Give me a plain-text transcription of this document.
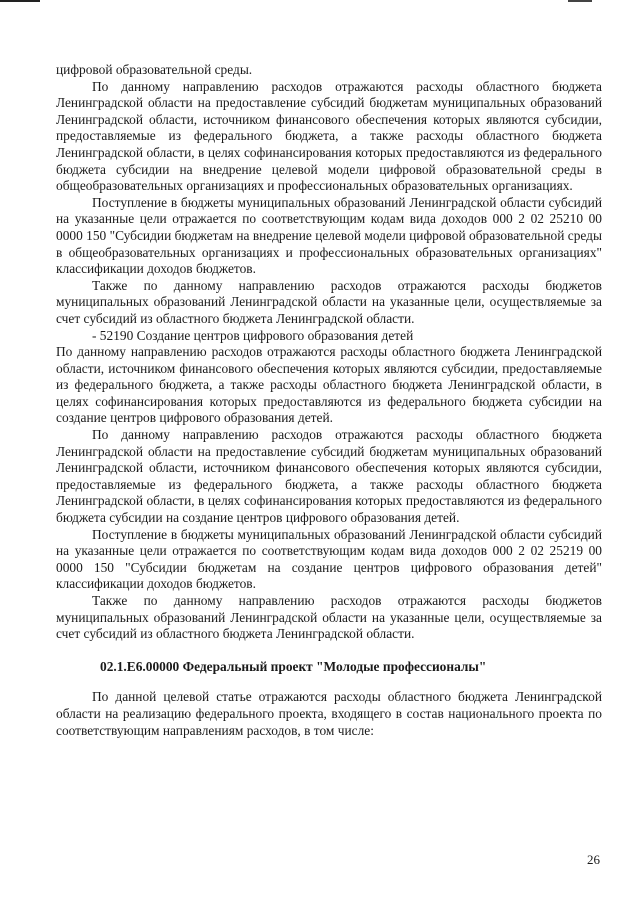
цифровой образовательной среды.

По данному направлению расходов отражаются расходы областного бюджета Ленинградской области на предоставление субсидий бюджетам муниципальных образований Ленинградской области, источником финансового обеспечения которых являются субсидии, предоставляемые из федерального бюджета, а также расходы областного бюджета Ленинградской области, в целях софинансирования которых предоставляются из федерального бюджета субсидии на внедрение целевой модели цифровой образовательной среды в общеобразовательных организациях и профессиональных образовательных организациях.

Поступление в бюджеты муниципальных образований Ленинградской области субсидий на указанные цели отражается по соответствующим кодам вида доходов 000 2 02 25210 00 0000 150 "Субсидии бюджетам на внедрение целевой модели цифровой образовательной среды в общеобразовательных организациях и профессиональных образовательных организациях" классификации доходов бюджетов.

Также по данному направлению расходов отражаются расходы бюджетов муниципальных образований Ленинградской области на указанные цели, осуществляемые за счет субсидий из областного бюджета Ленинградской области.

- 52190 Создание центров цифрового образования детей

По данному направлению расходов отражаются расходы областного бюджета Ленинградской области, источником финансового обеспечения которых являются субсидии, предоставляемые из федерального бюджета, а также расходы областного бюджета Ленинградской области, в целях софинансирования которых предоставляются из федерального бюджета субсидии на создание центров цифрового образования детей.

По данному направлению расходов отражаются расходы областного бюджета Ленинградской области на предоставление субсидий бюджетам муниципальных образований Ленинградской области, источником финансового обеспечения которых являются субсидии, предоставляемые из федерального бюджета, а также расходы областного бюджета Ленинградской области, в целях софинансирования которых предоставляются из федерального бюджета субсидии на создание центров цифрового образования детей.

Поступление в бюджеты муниципальных образований Ленинградской области субсидий на указанные цели отражается по соответствующим кодам вида доходов 000 2 02 25219 00 0000 150 "Субсидии бюджетам на создание центров цифрового образования детей" классификации доходов бюджетов.

Также по данному направлению расходов отражаются расходы бюджетов муниципальных образований Ленинградской области на указанные цели, осуществляемые за счет субсидий из областного бюджета Ленинградской области.

02.1.Е6.00000 Федеральный проект "Молодые профессионалы"

По данной целевой статье отражаются расходы областного бюджета Ленинградской области на реализацию федерального проекта, входящего в состав национального проекта по соответствующим направлениям расходов, в том числе:

26
